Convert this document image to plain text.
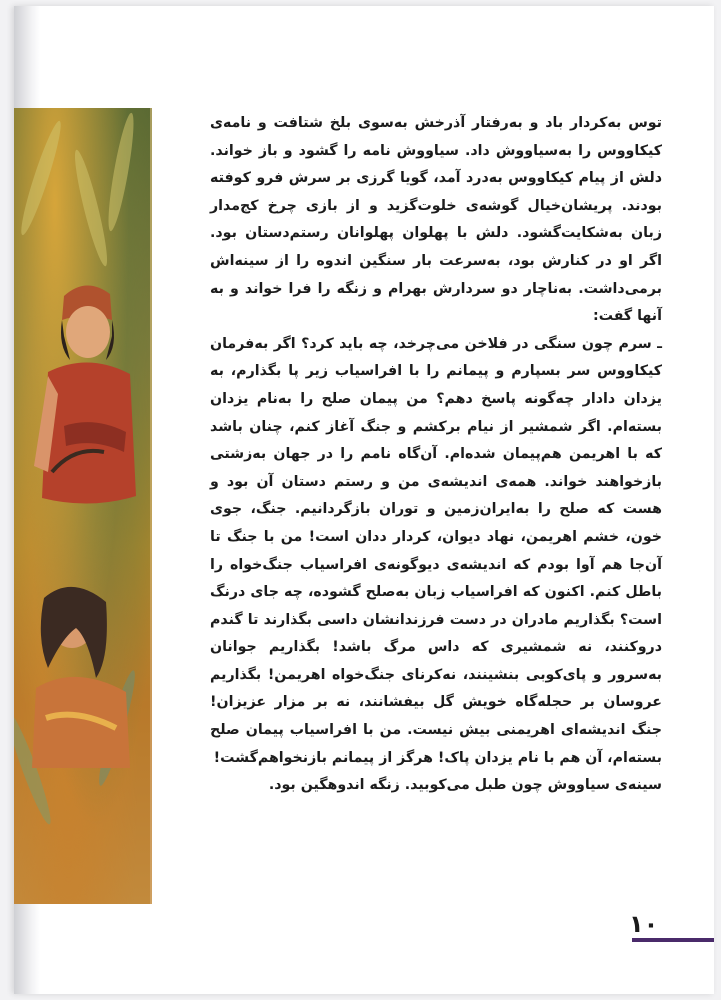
توس به‌کردار باد و به‌رفتار آذرخش به‌سوی بلخ شتافت و نامه‌ی کیکاووس را به‌سیاووش داد. سیاووش نامه را گشود و باز خواند. دلش از پیام کیکاووس به‌درد آمد، گویا گرزی بر سرش فرو کوفته بودند. پریشان‌خیال گوشه‌ی خلوت‌گزید و از بازی چرخ کج‌مدار زبان به‌شکایت‌گشود. دلش با پهلوان پهلوانان رستم‌دستان بود. اگر او در کنارش بود، به‌سرعت بار سنگین اندوه را از سینه‌اش برمی‌داشت. به‌ناچار دو سردارش بهرام و زنگه را فرا خواند و به آنها گفت:

ـ سرم چون سنگی در فلاخن می‌چرخد، چه باید کرد؟ اگر به‌فرمان کیکاووس سر بسپارم و پیمانم را با افراسیاب زیر پا بگذارم، به یزدان دادار چه‌گونه پاسخ دهم؟ من پیمان صلح را به‌نام یزدان بسته‌ام. اگر شمشیر از نیام برکشم و جنگ آغاز کنم، چنان باشد که با اهریمن هم‌پیمان شده‌ام. آن‌گاه نامم را در جهان به‌زشتی بازخواهند خواند. همه‌ی اندیشه‌ی من و رستم دستان آن بود و هست که صلح را به‌ایران‌زمین و توران بازگردانیم. جنگ، جوی خون، خشم اهریمن، نهاد دیوان، کردار ددان است! من با جنگ تا آن‌جا هم آوا بودم که اندیشه‌ی دیوگونه‌ی افراسیاب جنگ‌خواه را باطل کنم. اکنون که افراسیاب زبان به‌صلح گشوده، چه جای درنگ است؟ بگذاریم مادران در دست فرزندانشان داسی بگذارند تا گندم دروکنند، نه شمشیری که داس مرگ باشد! بگذاریم جوانان به‌سرور و پای‌کوبی بنشینند، نه‌کرنای جنگ‌خواه اهریمن! بگذاریم عروسان بر حجله‌گاه خویش گل بیفشانند، نه بر مزار عزیزان! جنگ اندیشه‌ای اهریمنی بیش نیست. من با افراسیاب پیمان صلح بسته‌ام، آن هم با نام یزدان پاک! هرگز از پیمانم بازنخواهم‌گشت!

سینه‌ی سیاووش چون طبل می‌کوبید. زنگه اندوهگین بود.

۱۰
